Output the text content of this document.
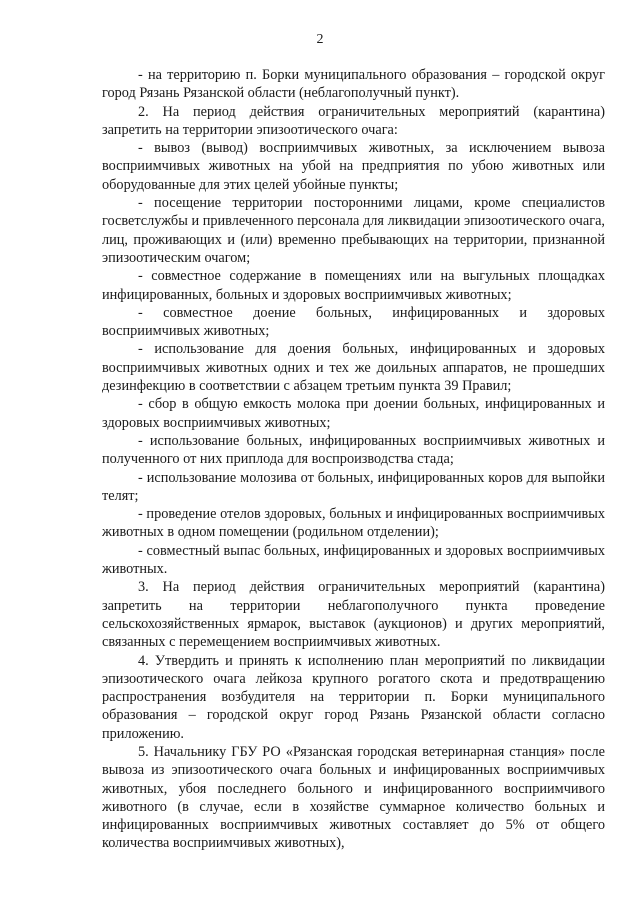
2

- на территорию п. Борки муниципального образования – городской округ город Рязань Рязанской области (неблагополучный пункт).

2. На период действия ограничительных мероприятий (карантина) запретить на территории эпизоотического очага:

- вывоз (вывод) восприимчивых животных, за исключением вывоза восприимчивых животных на убой на предприятия по убою животных или оборудованные для этих целей убойные пункты;

- посещение территории посторонними лицами, кроме специалистов госветслужбы и привлеченного персонала для ликвидации эпизоотического очага, лиц, проживающих и (или) временно пребывающих на территории, признанной эпизоотическим очагом;

- совместное содержание в помещениях или на выгульных площадках инфицированных, больных и здоровых восприимчивых животных;

- совместное доение больных, инфицированных и здоровых восприимчивых животных;

- использование для доения больных, инфицированных и здоровых восприимчивых животных одних и тех же доильных аппаратов, не прошедших дезинфекцию в соответствии с абзацем третьим пункта 39 Правил;

- сбор в общую емкость молока при доении больных, инфицированных и здоровых восприимчивых животных;

- использование больных, инфицированных восприимчивых животных и полученного от них приплода для воспроизводства стада;

- использование молозива от больных, инфицированных коров для выпойки телят;

- проведение отелов здоровых, больных и инфицированных восприимчивых животных в одном помещении (родильном отделении);

- совместный выпас больных, инфицированных и здоровых восприимчивых животных.

3. На период действия ограничительных мероприятий (карантина) запретить на территории неблагополучного пункта проведение сельскохозяйственных ярмарок, выставок (аукционов) и других мероприятий, связанных с перемещением восприимчивых животных.

4. Утвердить и принять к исполнению план мероприятий по ликвидации эпизоотического очага лейкоза крупного рогатого скота и предотвращению распространения возбудителя на территории п. Борки муниципального образования – городской округ город Рязань Рязанской области согласно приложению.

5. Начальнику ГБУ РО «Рязанская городская ветеринарная станция» после вывоза из эпизоотического очага больных и инфицированных восприимчивых животных, убоя последнего больного и инфицированного восприимчивого животного (в случае, если в хозяйстве суммарное количество больных и инфицированных восприимчивых животных составляет до 5% от общего количества восприимчивых животных),
